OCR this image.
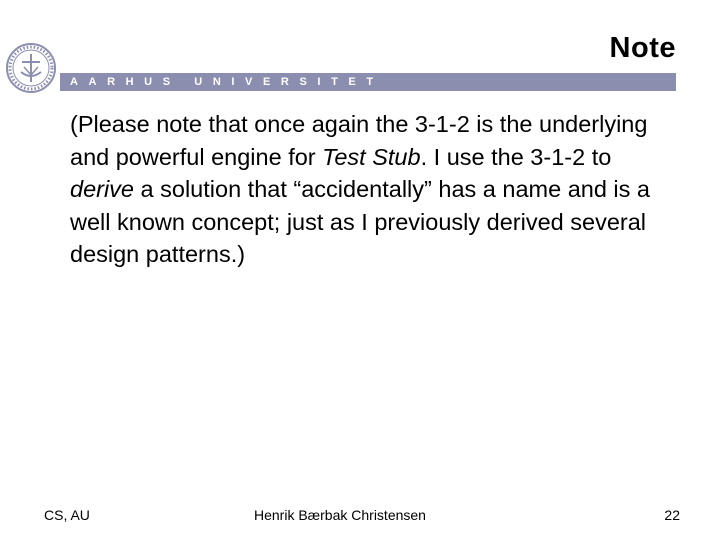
AARHUS UNIVERSITET
Note
(Please note that once again the 3-1-2 is the underlying and powerful engine for Test Stub. I use the 3-1-2 to derive a solution that “accidentally” has a name and is a well known concept; just as I previously derived several design patterns.)
CS, AU	Henrik Bærbak Christensen	22
